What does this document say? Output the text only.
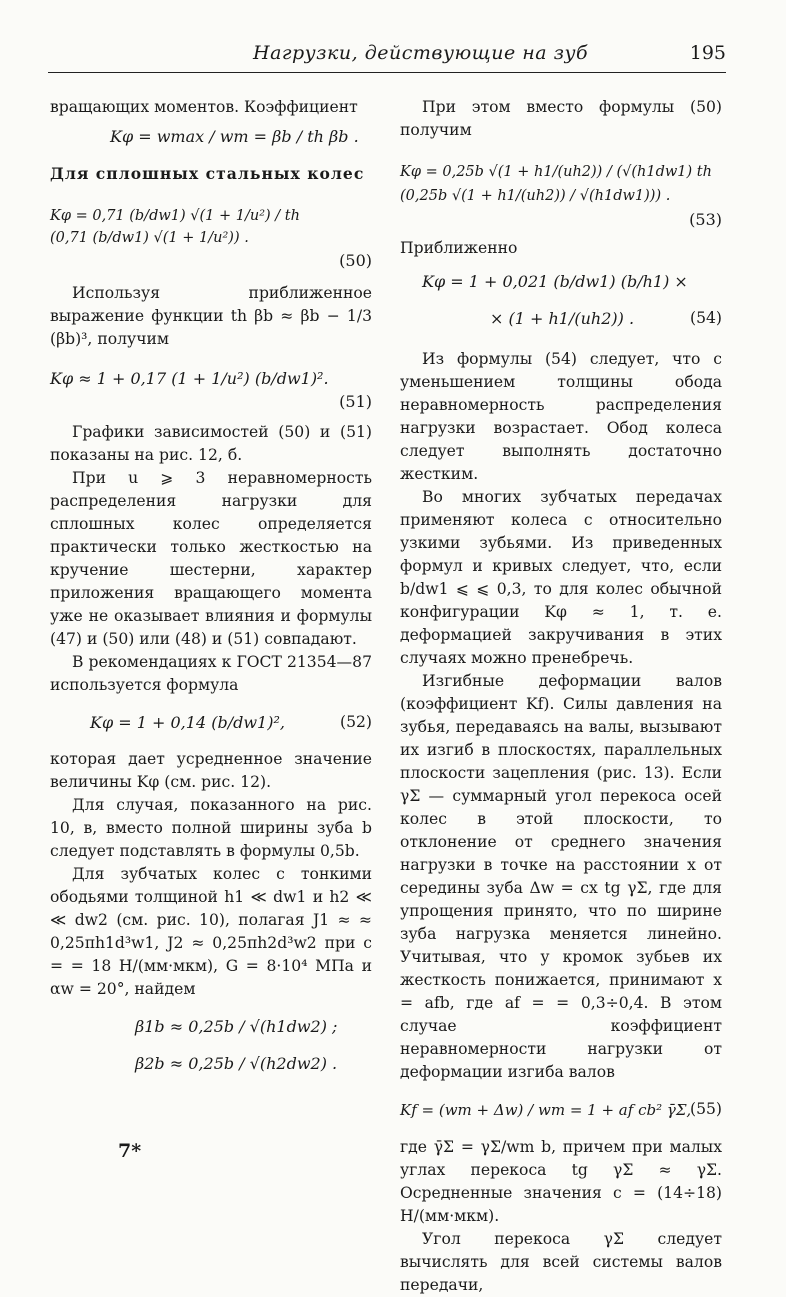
Нагрузки, действующие на зуб	195

вращающих моментов. Коэффициент

Kφ = wmax / wm = βb / th βb .

Для сплошных стальных колес

Kφ = 0,71 (b/dw1) √(1 + 1/u²) / th (0,71 (b/dw1) √(1 + 1/u²)) .
(50)

Используя приближенное выражение функции th βb ≈ βb − 1/3 (βb)³, получим

Kφ ≈ 1 + 0,17 (1 + 1/u²) (b/dw1)².
(51)

Графики зависимостей (50) и (51) показаны на рис. 12, б.

При u ⩾ 3 неравномерность распределения нагрузки для сплошных колес определяется практически только жесткостью на кручение шестерни, характер приложения вращающего момента уже не оказывает влияния и формулы (47) и (50) или (48) и (51) совпадают.

В рекомендациях к ГОСТ 21354—87 используется формула

Kφ = 1 + 0,14 (b/dw1)²,	(52)

которая дает усредненное значение величины Kφ (см. рис. 12).

Для случая, показанного на рис. 10, в, вместо полной ширины зуба b следует подставлять в формулы 0,5b.

Для зубчатых колес с тонкими ободьями толщиной h1 ≪ dw1 и h2 ≪ ≪ dw2 (см. рис. 10), полагая J1 ≈ ≈ 0,25πh1d³w1, J2 ≈ 0,25πh2d³w2 при c = = 18 Н/(мм·мкм), G = 8·10⁴ МПа и αw = 20°, найдем

β1b ≈ 0,25b / √(h1dw2) ;
β2b ≈ 0,25b / √(h2dw2) .
7*

При этом вместо формулы (50) получим

Kφ = 0,25b √(1 + h1/(uh2)) / (√(h1dw1) th (0,25b √(1 + h1/(uh2)) / √(h1dw1))) .
(53)

Приближенно

Kφ = 1 + 0,021 (b/dw1) (b/h1) ×
× (1 + h1/(uh2)) .	(54)

Из формулы (54) следует, что с уменьшением толщины обода неравномерность распределения нагрузки возрастает. Обод колеса следует выполнять достаточно жестким.

Во многих зубчатых передачах применяют колеса с относительно узкими зубьями. Из приведенных формул и кривых следует, что, если b/dw1 ⩽ ⩽ 0,3, то для колес обычной конфигурации Kφ ≈ 1, т. е. деформацией закручивания в этих случаях можно пренебречь.

Изгибные деформации валов (коэффициент Kf). Силы давления на зубья, передаваясь на валы, вызывают их изгиб в плоскостях, параллельных плоскости зацепления (рис. 13). Если γΣ — суммарный угол перекоса осей колес в этой плоскости, то отклонение от среднего значения нагрузки в точке на расстоянии x от середины зуба Δw = cx tg γΣ, где для упрощения принято, что по ширине зуба нагрузка меняется линейно. Учитывая, что у кромок зубьев их жесткость понижается, принимают x = afb, где af = = 0,3÷0,4. В этом случае коэффициент неравномерности нагрузки от деформации изгиба валов

Kf = (wm + Δw) / wm = 1 + af cb² γ̄Σ,
(55)

где γ̄Σ = γΣ/wm b, причем при малых углах перекоса tg γΣ ≈ γΣ. Осредненные значения c = (14÷18) Н/(мм·мкм).

Угол перекоса γΣ следует вычислять для всей системы валов передачи,
